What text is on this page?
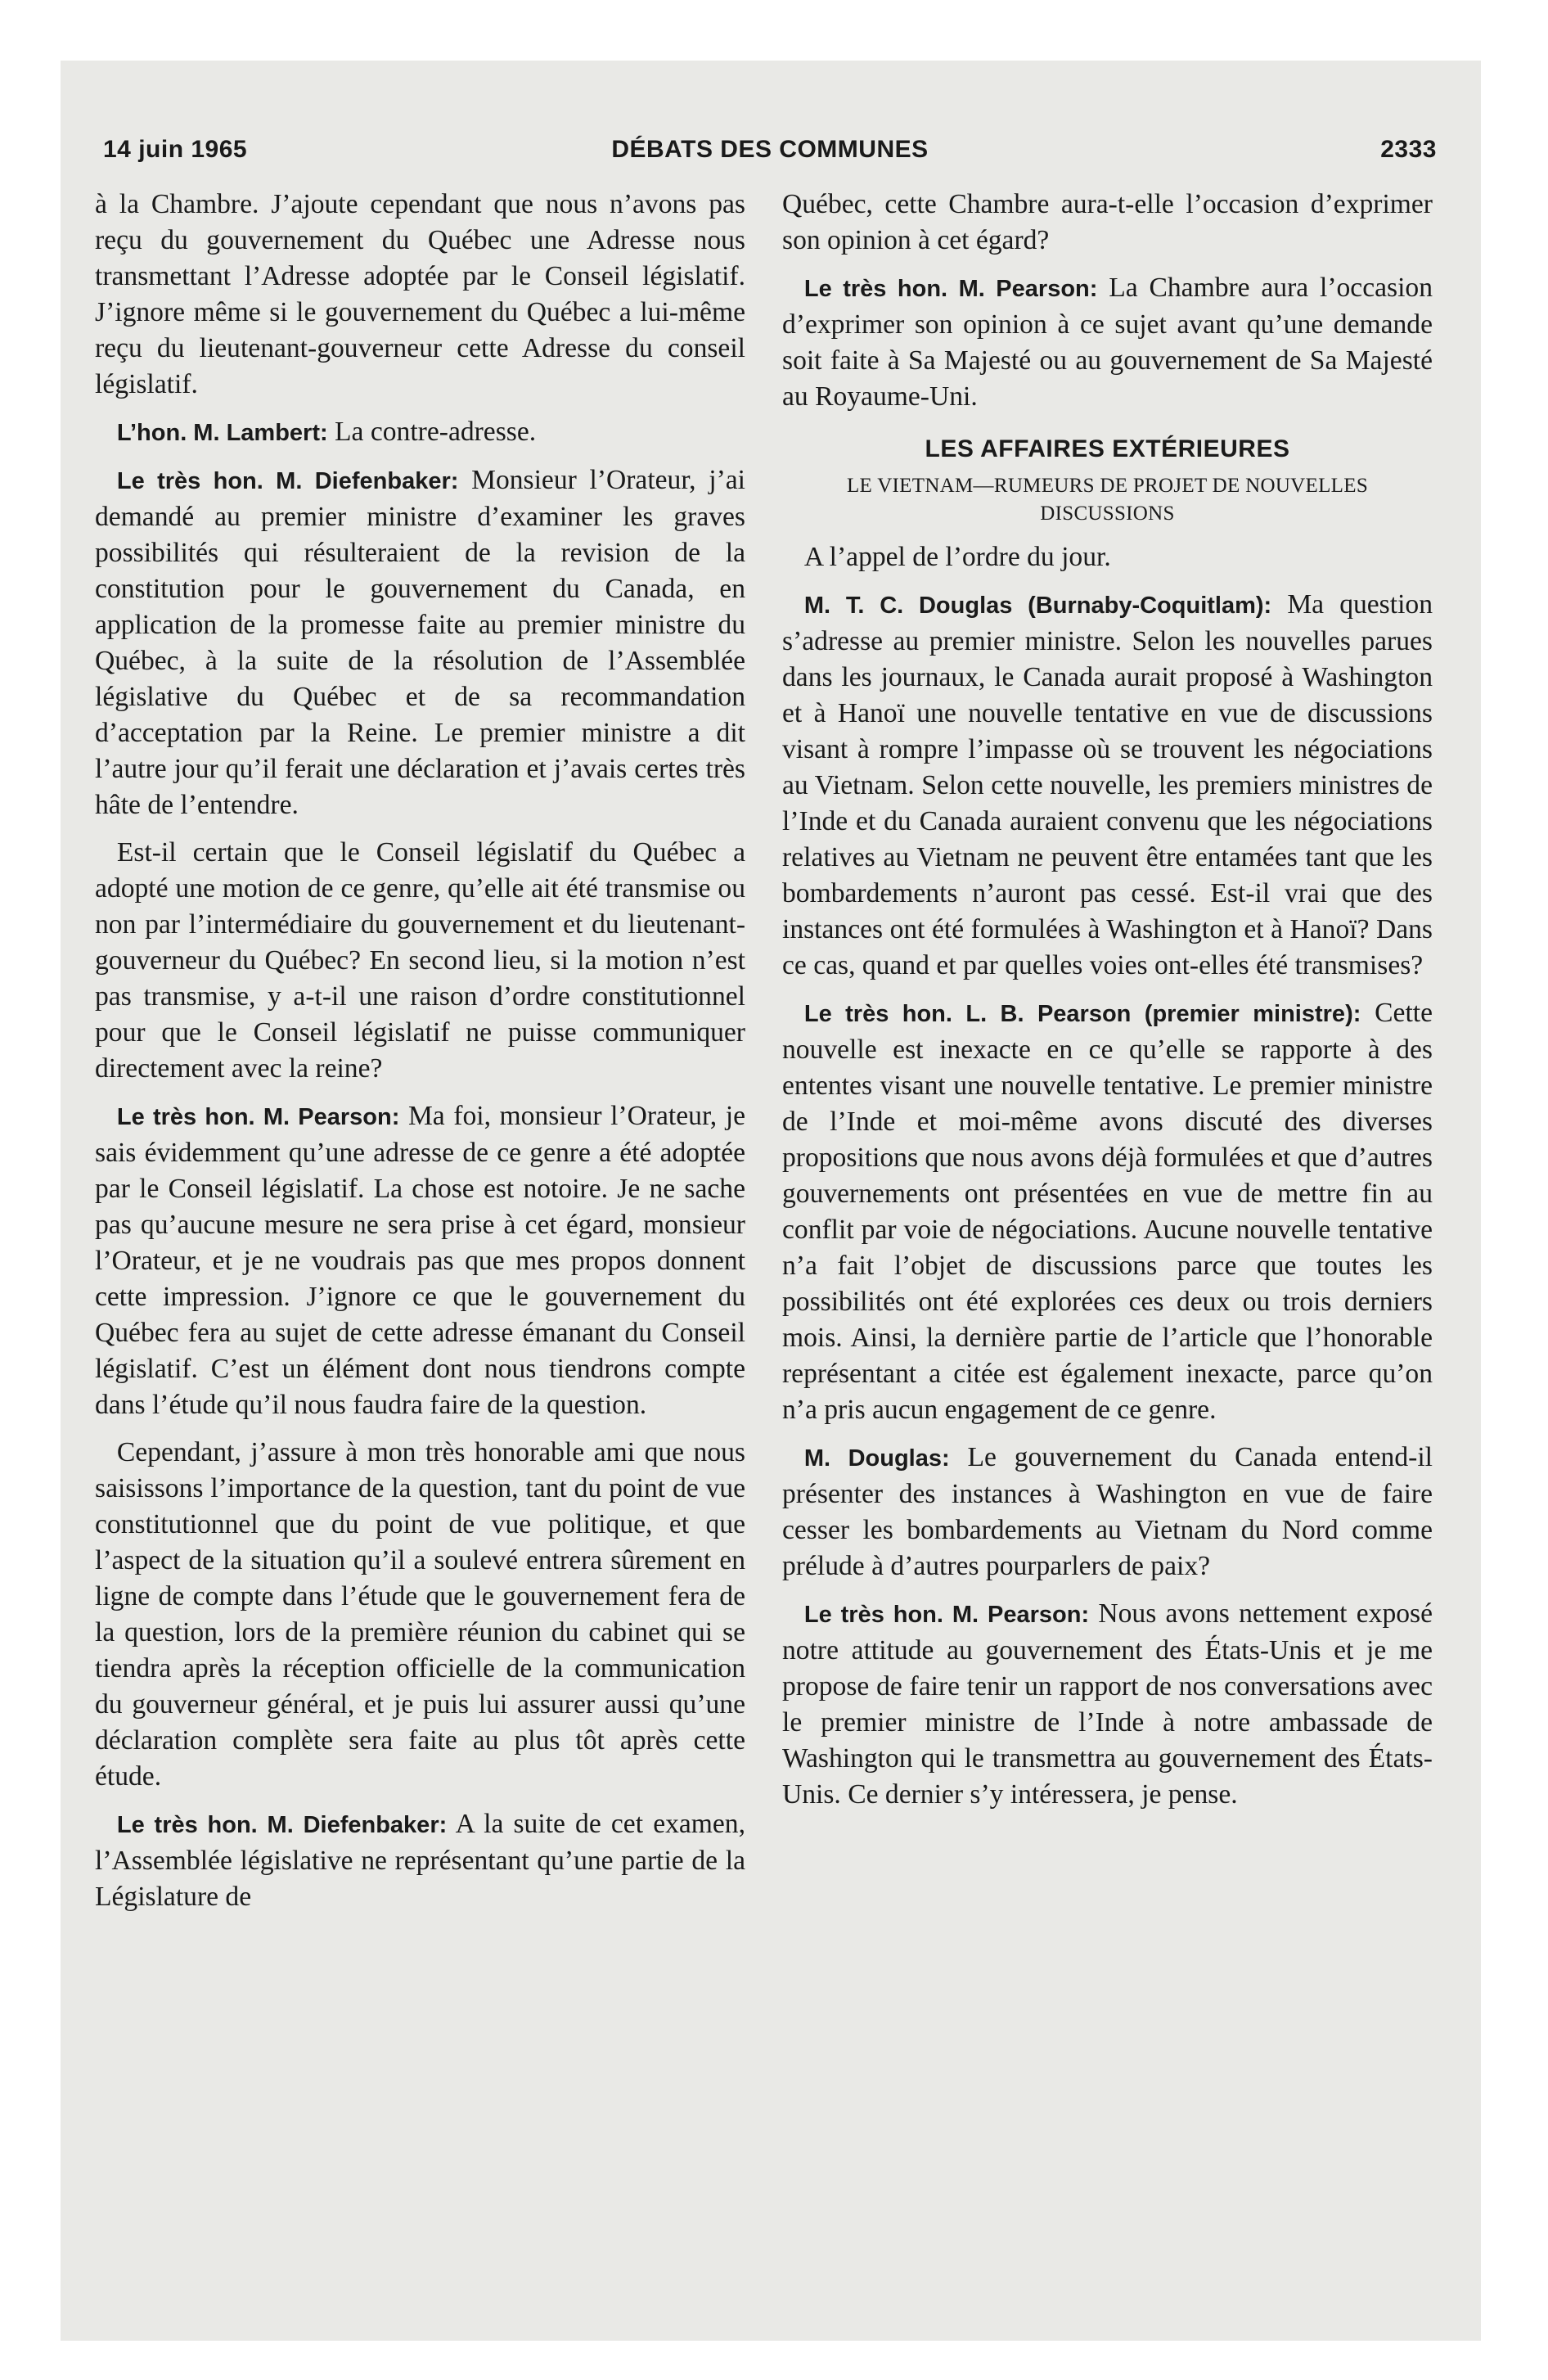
14 juin 1965	DÉBATS DES COMMUNES	2333

à la Chambre. J’ajoute cependant que nous n’avons pas reçu du gouvernement du Québec une Adresse nous transmettant l’Adresse adoptée par le Conseil législatif. J’ignore même si le gouvernement du Québec a lui-même reçu du lieutenant-gouverneur cette Adresse du conseil législatif.

L’hon. M. Lambert: La contre-adresse.

Le très hon. M. Diefenbaker: Monsieur l’Orateur, j’ai demandé au premier ministre d’examiner les graves possibilités qui résulteraient de la revision de la constitution pour le gouvernement du Canada, en application de la promesse faite au premier ministre du Québec, à la suite de la résolution de l’Assemblée législative du Québec et de sa recommandation d’acceptation par la Reine. Le premier ministre a dit l’autre jour qu’il ferait une déclaration et j’avais certes très hâte de l’entendre.

Est-il certain que le Conseil législatif du Québec a adopté une motion de ce genre, qu’elle ait été transmise ou non par l’intermédiaire du gouvernement et du lieutenant-gouverneur du Québec? En second lieu, si la motion n’est pas transmise, y a-t-il une raison d’ordre constitutionnel pour que le Conseil législatif ne puisse communiquer directement avec la reine?

Le très hon. M. Pearson: Ma foi, monsieur l’Orateur, je sais évidemment qu’une adresse de ce genre a été adoptée par le Conseil législatif. La chose est notoire. Je ne sache pas qu’aucune mesure ne sera prise à cet égard, monsieur l’Orateur, et je ne voudrais pas que mes propos donnent cette impression. J’ignore ce que le gouvernement du Québec fera au sujet de cette adresse émanant du Conseil législatif. C’est un élément dont nous tiendrons compte dans l’étude qu’il nous faudra faire de la question.

Cependant, j’assure à mon très honorable ami que nous saisissons l’importance de la question, tant du point de vue constitutionnel que du point de vue politique, et que l’aspect de la situation qu’il a soulevé entrera sûrement en ligne de compte dans l’étude que le gouvernement fera de la question, lors de la première réunion du cabinet qui se tiendra après la réception officielle de la communication du gouverneur général, et je puis lui assurer aussi qu’une déclaration complète sera faite au plus tôt après cette étude.

Le très hon. M. Diefenbaker: A la suite de cet examen, l’Assemblée législative ne représentant qu’une partie de la Législature de

Québec, cette Chambre aura-t-elle l’occasion d’exprimer son opinion à cet égard?

Le très hon. M. Pearson: La Chambre aura l’occasion d’exprimer son opinion à ce sujet avant qu’une demande soit faite à Sa Majesté ou au gouvernement de Sa Majesté au Royaume-Uni.

LES AFFAIRES EXTÉRIEURES
LE VIETNAM—RUMEURS DE PROJET DE NOUVELLES DISCUSSIONS

A l’appel de l’ordre du jour.

M. T. C. Douglas (Burnaby-Coquitlam): Ma question s’adresse au premier ministre. Selon les nouvelles parues dans les journaux, le Canada aurait proposé à Washington et à Hanoï une nouvelle tentative en vue de discussions visant à rompre l’impasse où se trouvent les négociations au Vietnam. Selon cette nouvelle, les premiers ministres de l’Inde et du Canada auraient convenu que les négociations relatives au Vietnam ne peuvent être entamées tant que les bombardements n’auront pas cessé. Est-il vrai que des instances ont été formulées à Washington et à Hanoï? Dans ce cas, quand et par quelles voies ont-elles été transmises?

Le très hon. L. B. Pearson (premier ministre): Cette nouvelle est inexacte en ce qu’elle se rapporte à des ententes visant une nouvelle tentative. Le premier ministre de l’Inde et moi-même avons discuté des diverses propositions que nous avons déjà formulées et que d’autres gouvernements ont présentées en vue de mettre fin au conflit par voie de négociations. Aucune nouvelle tentative n’a fait l’objet de discussions parce que toutes les possibilités ont été explorées ces deux ou trois derniers mois. Ainsi, la dernière partie de l’article que l’honorable représentant a citée est également inexacte, parce qu’on n’a pris aucun engagement de ce genre.

M. Douglas: Le gouvernement du Canada entend-il présenter des instances à Washington en vue de faire cesser les bombardements au Vietnam du Nord comme prélude à d’autres pourparlers de paix?

Le très hon. M. Pearson: Nous avons nettement exposé notre attitude au gouvernement des États-Unis et je me propose de faire tenir un rapport de nos conversations avec le premier ministre de l’Inde à notre ambassade de Washington qui le transmettra au gouvernement des États-Unis. Ce dernier s’y intéressera, je pense.
